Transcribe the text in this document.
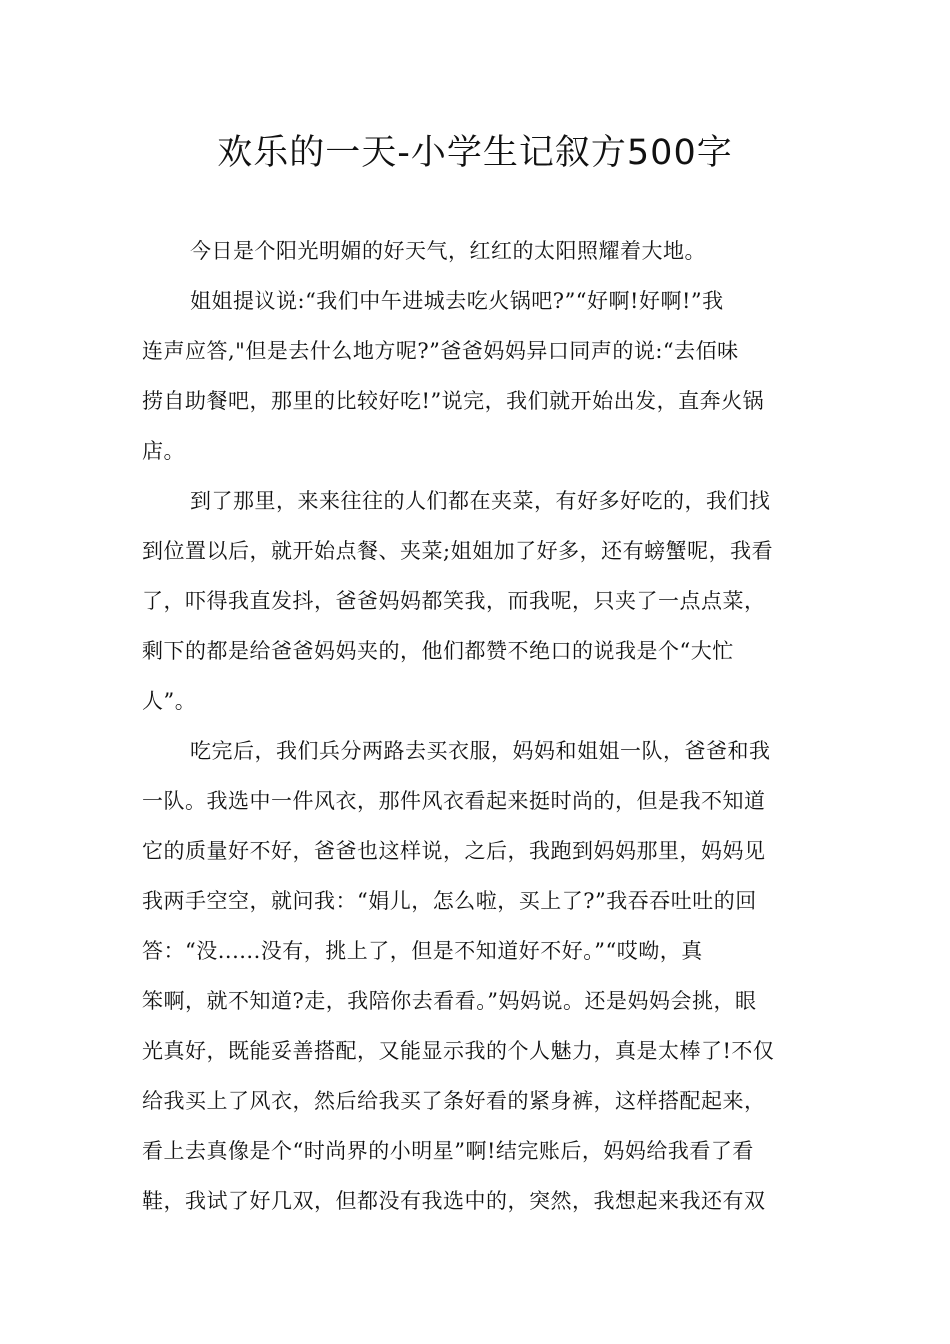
欢乐的一天-小学生记叙方500字
今日是个阳光明媚的好天气，红红的太阳照耀着大地。
姐姐提议说:“我们中午进城去吃火锅吧?”“好啊!好啊!”我
连声应答,"但是去什么地方呢?”爸爸妈妈异口同声的说:“去佰味
捞自助餐吧，那里的比较好吃!”说完，我们就开始出发，直奔火锅
店。
到了那里，来来往往的人们都在夹菜，有好多好吃的，我们找
到位置以后，就开始点餐、夹菜;姐姐加了好多，还有螃蟹呢，我看
了，吓得我直发抖，爸爸妈妈都笑我，而我呢，只夹了一点点菜，
剩下的都是给爸爸妈妈夹的，他们都赞不绝口的说我是个“大忙
人”。
吃完后，我们兵分两路去买衣服，妈妈和姐姐一队，爸爸和我
一队。我选中一件风衣，那件风衣看起来挺时尚的，但是我不知道
它的质量好不好，爸爸也这样说，之后，我跑到妈妈那里，妈妈见
我两手空空，就问我：“娟儿，怎么啦，买上了?”我吞吞吐吐的回
答：“没......没有，挑上了，但是不知道好不好。”“哎呦，真
笨啊，就不知道?走，我陪你去看看。”妈妈说。还是妈妈会挑，眼
光真好，既能妥善搭配，又能显示我的个人魅力，真是太棒了!不仅
给我买上了风衣，然后给我买了条好看的紧身裤，这样搭配起来，
看上去真像是个“时尚界的小明星”啊!结完账后，妈妈给我看了看
鞋，我试了好几双，但都没有我选中的，突然，我想起来我还有双
